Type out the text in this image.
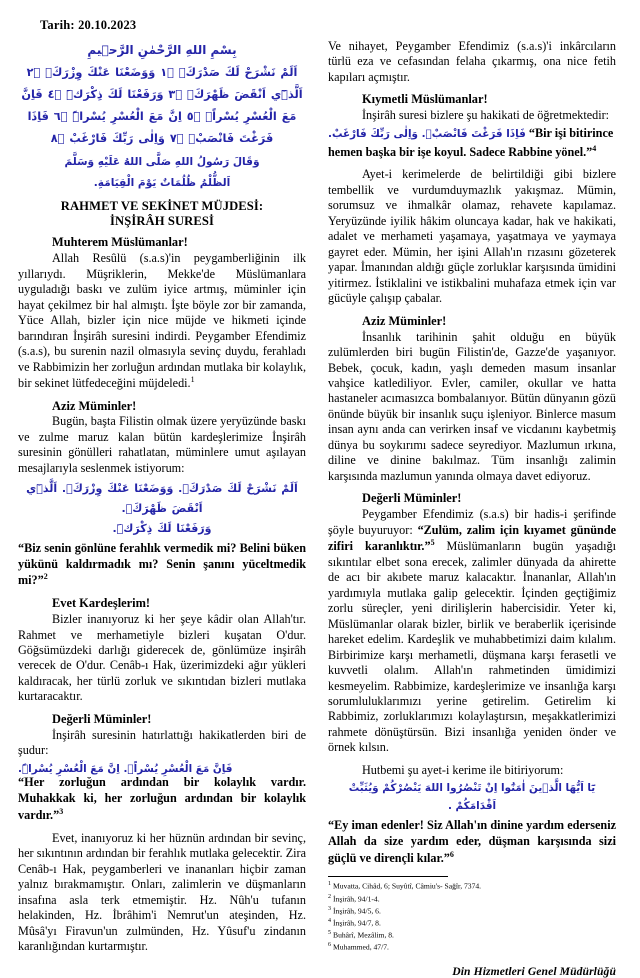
Tarih: 20.10.2023
بِسْمِ اللهِ الرَّحْمٰنِ الرَّح۪يمِ
اَلَمْ نَشْرَحْ لَكَ صَدْرَكَۙ ۝١ وَوَضَعْنَا عَنْكَ وِزْرَكَۙ ۝٢ اَلَّذ۪ٓي اَنْقَضَ ظَهْرَكَۙ ۝٣ وَرَفَعْنَا لَكَ ذِكْرَكَۜ ۝٤ فَاِنَّ مَعَ الْعُسْرِ يُسْراًۙ ۝٥ اِنَّ مَعَ الْعُسْرِ يُسْراًۜ ۝٦ فَاِذَا فَرَغْتَ فَانْصَبْۙ ۝٧ وَاِلٰى رَبِّكَ فَارْغَبْ ۝٨
وَقَالَ رَسُولُ اللهِ صَلَّى اللهُ عَلَيْهِ وَسَلَّمَ
اَلظُّلْمُ ظُلُمَاتٌ يَوْمَ الْقِيَامَةِ.
RAHMET VE SEKİNET MÜJDESİ:
İNŞİRÂH SURESİ
Muhterem Müslümanlar!

Allah Resûlü (s.a.s)'in peygamberliğinin ilk yıllarıydı. Müşriklerin, Mekke'de Müslümanlara uyguladığı baskı ve zulüm iyice artmış, müminler için hayat çekilmez bir hal almıştı. İşte böyle zor bir zamanda, Yüce Allah, bizler için nice müjde ve hikmeti içinde barındıran İnşirâh suresini indirdi. Peygamber Efendimiz (s.a.s), bu surenin nazil olmasıyla sevinç duydu, ferahladı ve Rabbimizin her zorluğun ardından mutlaka bir kolaylık, bir sekinet lütfedeceğini müjdeledi.$^1$

Aziz Müminler!

Bugün, başta Filistin olmak üzere yeryüzünde baskı ve zulme maruz kalan bütün kardeşlerimize İnşirâh suresinin gönülleri rahatlatan, müminlere umut aşılayan mesajlarıyla seslenmek istiyorum:

اَلَمْ نَشْرَحْ لَكَ صَدْرَكَۙ. وَوَضَعْنَا عَنْكَ وِزْرَكَۙ. اَلَّذ۪ٓي اَنْقَضَ ظَهْرَكَۙ.
وَرَفَعْنَا لَكَ ذِكْرَكَۜ.

“Biz senin gönlüne ferahlık vermedik mi? Belini büken yükünü kaldırmadık mı? Senin şanını yüceltmedik mi?”$^2$

Evet Kardeşlerim!

Bizler inanıyoruz ki her şeye kâdir olan Allah'tır. Rahmet ve merhametiyle bizleri kuşatan O'dur. Göğsümüzdeki darlığı giderecek de, gönlümüze inşirâh verecek de O'dur. Cenâb-ı Hak, üzerimizdeki ağır yükleri kaldıracak, her türlü zorluk ve sıkıntıdan bizleri mutlaka kurtaracaktır.

Değerli Müminler!

İnşirâh suresinin hatırlattığı hakikatlerden biri de şudur:

فَاِنَّ مَعَ الْعُسْرِ يُسْراًۙ. اِنَّ مَعَ الْعُسْرِ يُسْراًۜ.

“Her zorluğun ardından bir kolaylık vardır. Muhakkak ki, her zorluğun ardından bir kolaylık vardır.”$^3$

Evet, inanıyoruz ki her hüznün ardından bir sevinç, her sıkıntının ardından bir ferahlık mutlaka gelecektir. Zira Cenâb-ı Hak, peygamberleri ve inananları hiçbir zaman yalnız bırakmamıştır. Onları, zalimlerin ve düşmanların insafına asla terk etmemiştir. Hz. Nûh'u tufanın helakinden, Hz. İbrâhim'i Nemrut'un ateşinden, Hz. Mûsâ'yı Firavun'un zulmünden, Hz. Yûsuf'u zindanın karanlığından kurtarmıştır.

Ve nihayet, Peygamber Efendimiz (s.a.s)'i inkârcıların türlü eza ve cefasından felaha çıkarmış, ona nice fetih kapıları açmıştır.

Kıymetli Müslümanlar!

İnşirâh suresi bizlere şu hakikati de öğretmektedir:

فَاِذَا فَرَغْتَ فَانْصَبْۙ. وَاِلٰى رَبِّكَ فَارْغَبْ. “Bir işi bitirince

hemen başka bir işe koyul. Sadece Rabbine yönel.”$^4$

Ayet-i kerimelerde de belirtildiği gibi bizlere tembellik ve vurdumduymazlık yakışmaz. Mümin, sorumsuz ve ihmalkâr olamaz, rehavete kapılamaz. Yeryüzünde iyilik hâkim oluncaya kadar, hak ve hakikati, adalet ve merhameti yaşamaya, yaşatmaya ve yaymaya gayret eder. Mümin, her işini Allah'ın rızasını gözeterek yapar. İmanından aldığı güçle zorluklar karşısında ümidini yitirmez. İstiklalini ve istikbalini muhafaza etmek için var gücüyle çalışıp çabalar.

Aziz Müminler!

İnsanlık tarihinin şahit olduğu en büyük zulümlerden biri bugün Filistin'de, Gazze'de yaşanıyor. Bebek, çocuk, kadın, yaşlı demeden masum insanlar vahşice katlediliyor. Evler, camiler, okullar ve hatta hastaneler acımasızca bombalanıyor. Bütün dünyanın gözü önünde büyük bir insanlık suçu işleniyor. Binlerce masum insan aynı anda can verirken insaf ve vicdanını kaybetmiş dünya bu soykırımı sadece seyrediyor. Mazlumun ırkına, diline ve dinine bakılmaz. Tüm insanlığı zalimin karşısında mazlumun yanında olmaya davet ediyoruz.

Değerli Müminler!

Peygamber Efendimiz (s.a.s) bir hadis-i şerifinde şöyle buyuruyor: “Zulüm, zalim için kıyamet gününde zifiri karanlıktır.”$^5$ Müslümanların bugün yaşadığı sıkıntılar elbet sona erecek, zalimler dünyada da ahirette de acı bir akıbete maruz kalacaktır. İnananlar, Allah'ın yardımıyla mutlaka galip gelecektir. İçinden geçtiğimiz zorlu süreçler, yeni dirilişlerin habercisidir. Yeter ki, Müslümanlar olarak bizler, birlik ve beraberlik içerisinde hareket edelim. Kardeşlik ve muhabbetimizi daim kılalım. Birbirimize karşı merhametli, düşmana karşı ferasetli ve kuvvetli olalım. Allah'ın rahmetinden ümidimizi kesmeyelim. Rabbimize, kardeşlerimize ve insanlığa karşı sorumluluklarımızı yerine getirelim. Getirelim ki Rabbimiz, zorluklarımızı kolaylaştırsın, meşakkatlerimizi rahmete dönüştürsün. Bizi insanlığa yeniden önder ve örnek kılsın.

Hutbemi şu ayet-i kerime ile bitiriyorum:

يَٓا اَيُّهَا الَّذ۪ينَ اٰمَنُٓوا اِنْ تَنْصُرُوا اللهَ يَنْصُرْكُمْ وَيُثَبِّتْ اَقْدَامَكُمْ .

“Ey iman edenler! Siz Allah'ın dinine yardım ederseniz Allah da size yardım eder, düşman karşısında sizi güçlü ve dirençli kılar.”$^6$

$^1$ Muvatta, Cihâd, 6; Suyûtî, Câmiu's- Sağîr, 7374.
$^2$ İnşirâh, 94/1-4.
$^3$ İnşirâh, 94/5, 6.
$^4$ İnşirâh, 94/7, 8.
$^5$ Buhârî, Mezâlim, 8.
$^6$ Muhammed, 47/7.
Din Hizmetleri Genel Müdürlüğü
